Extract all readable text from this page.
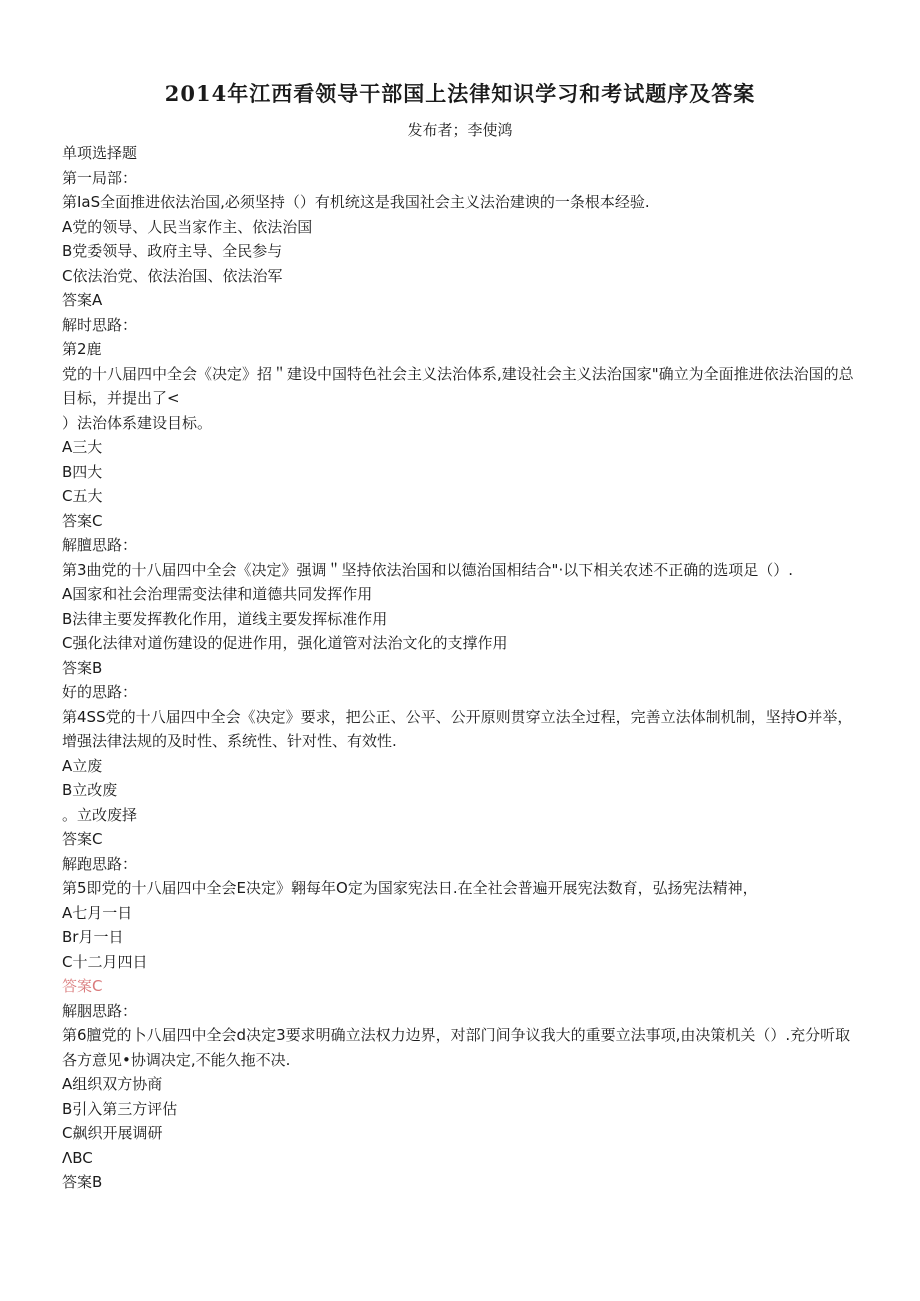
2014年江西看领导干部国上法律知识学习和考试题序及答案

发布者；李使鸿

单项选择题

第一局部：

第IaS全面推进依法治国,必须坚持（）有机统这是我国社会主义法治建谀的一条根本经验.

A党的领导、人民当家作主、依法治国

B党委领导、政府主导、全民参与

C依法治党、依法治国、依法治军

答案A

解时思路：

第2鹿

党的十八届四中全会《决定》招＂建设中国特色社会主义法治体系,建设社会主义法治国家"确立为全面推进依法治国的总目标，并提出了<

）法治体系建设目标。

A三大

B四大

C五大

答案C

解膻思路：

第3曲党的十八届四中全会《决定》强调＂坚持依法治国和以德治国相结合"·以下相关农述不正确的选项足（）.

A国家和社会治理需变法律和道德共同发挥作用

B法律主要发挥教化作用，道线主要发挥标准作用

C强化法律对道伤建设的促进作用，强化道管对法治文化的支撑作用

答案B

好的思路：

第4SS党的十八届四中全会《决定》要求，把公正、公平、公开原则贯穿立法全过程，完善立法体制机制，坚持O并举，增强法律法规的及时性、系统性、针对性、有效性.

A立废

B立改废

。立改废择

答案C

解跑思路：

第5即党的十八届四中全会E决定》翱每年O定为国家宪法日.在全社会普遍开展宪法数育，弘扬宪法精神，

A七月一日

Br月一日

C十二月四日

答案C

解胭思路：

第6膻党的卜八届四中全会d决定3要求明确立法权力边界，对部门间争议我大的重要立法事项,由决策机关（）.充分听取各方意见•协调决定,不能久拖不决.

A组织双方协商

B引入第三方评估

C飙织开展调研

ΛBC

答案B
